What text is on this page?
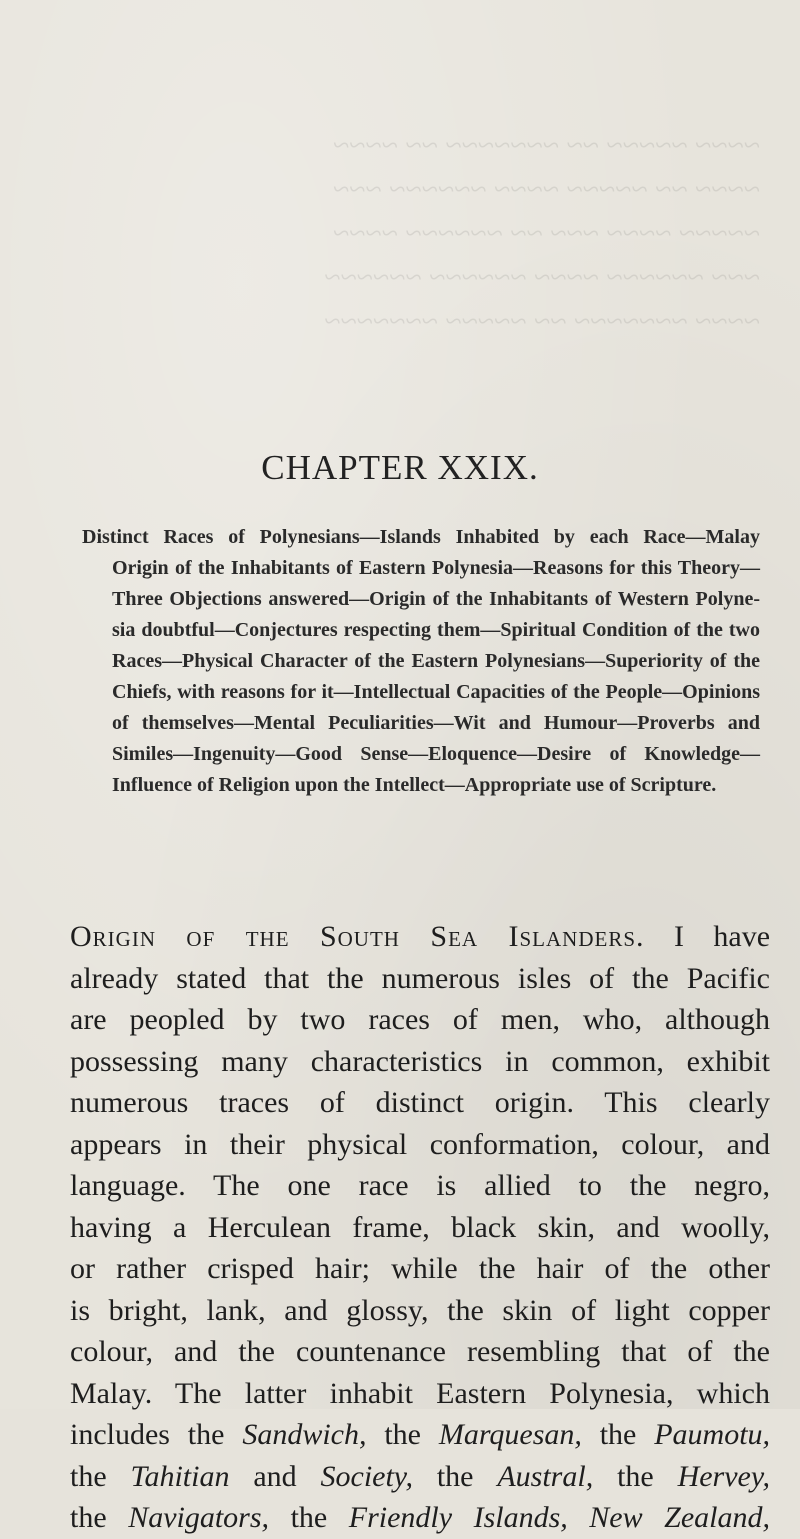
~~~~ ~~~~~ ~~ ~~~~~~~ ~~ ~~~~
~~~~ ~~ ~~~~~ ~~~~ ~~~~~~ ~~~
~~~~~ ~~~~ ~~~ ~~ ~~~~~~ ~~~~
~~~ ~~~~~~ ~~~~ ~~~~~~ ~~~~~~
~~~~ ~~~~~~~ ~~ ~~~~~ ~~~~~~~

CHAPTER XXIX.
Distinct Races of Polynesians—Islands Inhabited by each Race—Malay
Origin of the Inhabitants of Eastern Polynesia—Reasons for this Theory—
Three Objections answered—Origin of the Inhabitants of Western Polyne-
sia doubtful—Conjectures respecting them—Spiritual Condition of the two
Races—Physical Character of the Eastern Polynesians—Superiority of the
Chiefs, with reasons for it—Intellectual Capacities of the People—Opinions
of themselves—Mental Peculiarities—Wit and Humour—Proverbs and
Similes—Ingenuity—Good Sense—Eloquence—Desire of Knowledge—
Influence of Religion upon the Intellect—Appropriate use of Scripture.
Origin of the South Sea Islanders. I have
already stated that the numerous isles of the Pacific
are peopled by two races of men, who, although
possessing many characteristics in common, exhibit
numerous traces of distinct origin. This clearly
appears in their physical conformation, colour, and
language. The one race is allied to the negro,
having a Herculean frame, black skin, and woolly,
or rather crisped hair; while the hair of the other
is bright, lank, and glossy, the skin of light copper
colour, and the countenance resembling that of the
Malay. The latter inhabit Eastern Polynesia, which
includes the Sandwich, the Marquesan, the Paumotu,
the Tahitian and Society, the Austral, the Hervey,
the Navigators, the Friendly Islands, New Zealand,
